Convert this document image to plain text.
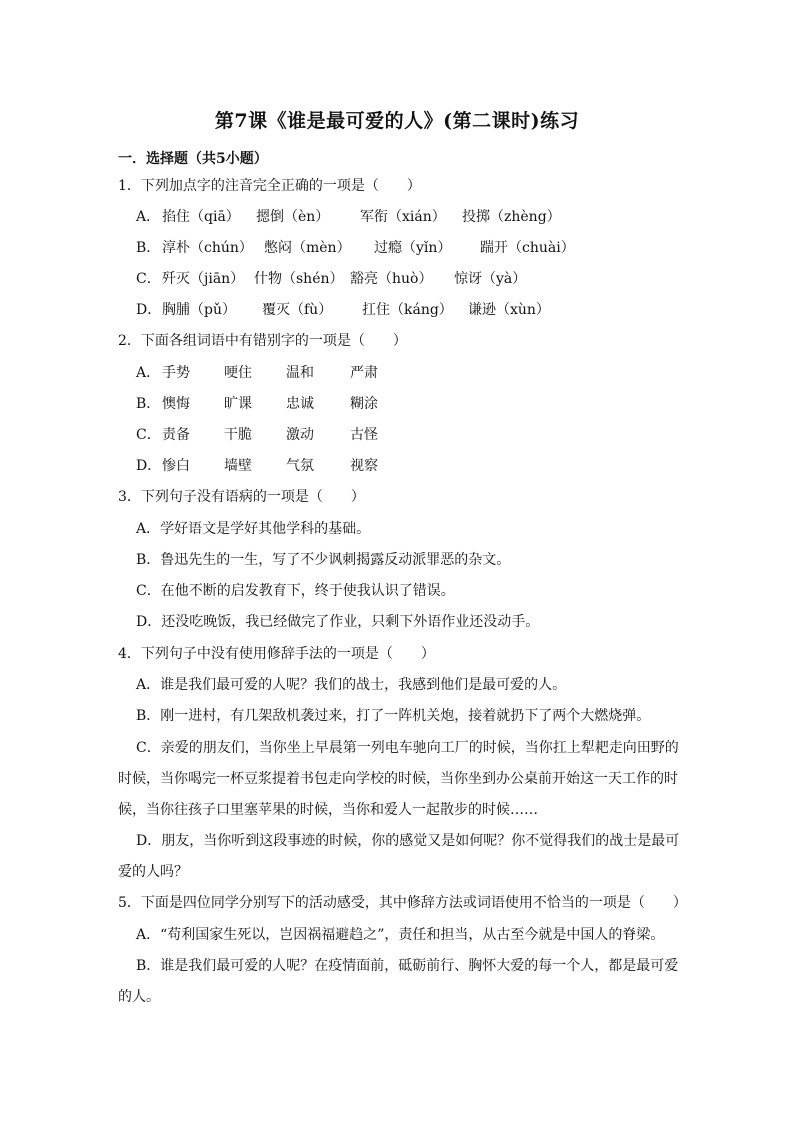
第7课《谁是最可爱的人》(第二课时)练习
一．选择题（共5小题）
1．下列加点字的注音完全正确的一项是（　　）
A． 掐住（qiā） 摁倒（èn） 军衔（xián） 投掷（zhèng）
B． 淳朴（chún） 憋闷（mèn） 过瘾（yǐn） 踹开（chuài）
C． 歼灭（jiān） 什物（shén） 豁亮（huò） 惊讶（yà）
D． 胸脯（pǔ） 覆灭（fù） 扛住（káng） 谦逊（xùn）
2．下面各组词语中有错别字的一项是（　　）
A． 手势 哽住 温和	严肃
B． 懊悔 旷课 忠诚	糊涂
C． 责备 干脆 激动	古怪
D． 惨白 墙壁 气氛	视察
3．下列句子没有语病的一项是（　　）
A．学好语文是学好其他学科的基础。
B．鲁迅先生的一生，写了不少讽刺揭露反动派罪恶的杂文。
C．在他不断的启发教育下，终于使我认识了错误。
D．还没吃晚饭，我已经做完了作业，只剩下外语作业还没动手。
4．下列句子中没有使用修辞手法的一项是（　　）
A．谁是我们最可爱的人呢？我们的战士，我感到他们是最可爱的人。
B．刚一进村，有几架敌机袭过来，打了一阵机关炮，接着就扔下了两个大燃烧弹。
C．亲爱的朋友们，当你坐上早晨第一列电车驰向工厂的时候，当你扛上犁耙走向田野的
时候，当你喝完一杯豆浆提着书包走向学校的时候，当你坐到办公桌前开始这一天工作的时
候，当你往孩子口里塞苹果的时候，当你和爱人一起散步的时候……
D．朋友，当你听到这段事迹的时候，你的感觉又是如何呢？你不觉得我们的战士是最可
爱的人吗？
5．下面是四位同学分别写下的活动感受，其中修辞方法或词语使用不恰当的一项是（　　）
A．“苟利国家生死以，岂因祸福避趋之”，责任和担当，从古至今就是中国人的脊梁。
B．谁是我们最可爱的人呢？在疫情面前，砥砺前行、胸怀大爱的每一个人，都是最可爱
的人。
